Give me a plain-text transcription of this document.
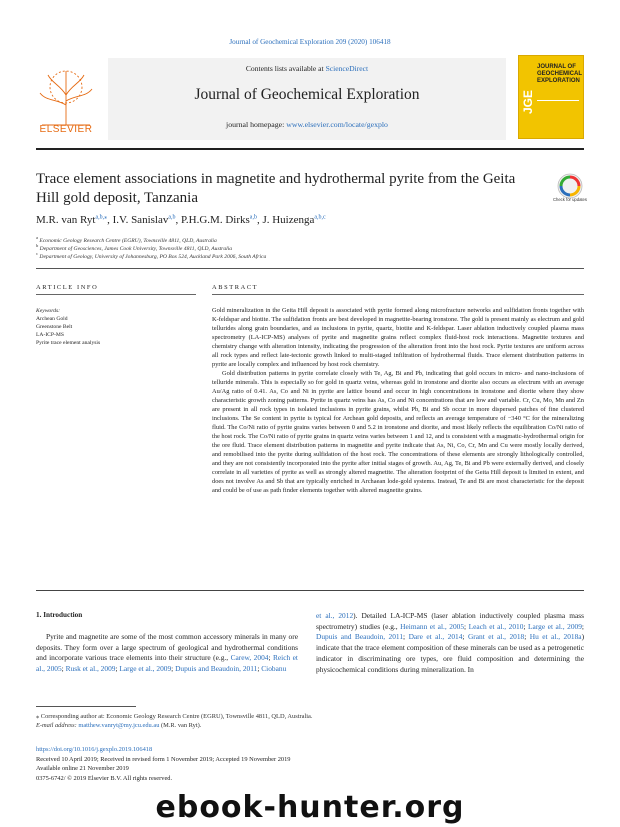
Journal of Geochemical Exploration 209 (2020) 106418
ELSEVIER
Contents lists available at ScienceDirect
Journal of Geochemical Exploration
journal homepage: www.elsevier.com/locate/gexplo
JOURNAL OF GEOCHEMICAL EXPLORATION
JGE
Trace element associations in magnetite and hydrothermal pyrite from the Geita Hill gold deposit, Tanzania	Check for updates
M.R. van Ryt$^{a,b,⁎}$, I.V. Sanislav$^{a,b}$, P.H.G.M. Dirks$^{a,b}$, J. Huizenga$^{a,b,c}$
$^a$ Economic Geology Research Centre (EGRU), Townsville 4811, QLD, Australia
$^b$ Department of Geosciences, James Cook University, Townsville 4811, QLD, Australia
$^c$ Department of Geology, University of Johannesburg, PO Box 524, Auckland Park 2006, South Africa
ARTICLE INFO	ABSTRACT
Keywords:
Archean Gold
Greenstone Belt
LA-ICP-MS
Pyrite trace element analysis

Gold mineralization in the Geita Hill deposit is associated with pyrite formed along microfracture networks and sulfidation fronts together with K-feldspar and biotite. The sulfidation fronts are best developed in magnetite-bearing ironstone. The gold is present mainly as electrum and gold tellurides along grain boundaries, and as inclusions in pyrite, quartz, biotite and K-feldspar. Laser ablation inductively coupled plasma mass spectrometry (LA-ICP-MS) analyses of pyrite and magnetite grains reflect complex fluid-host rock interactions. Magnetite textures and chemistry change with alteration intensity, indicating the progression of the alteration front into the host rock. Pyrite textures are uniform across all rock types and reflect late-tectonic growth linked to multi-staged infiltration of hydrothermal fluids. Trace element distribution patterns in pyrite are locally complex and influenced by host rock chemistry.

Gold distribution patterns in pyrite correlate closely with Te, Ag, Bi and Pb, indicating that gold occurs in micro- and nano-inclusions of telluride minerals. This is especially so for gold in quartz veins, whereas gold in ironstone and diorite also occurs as electrum with an average Au/Ag ratio of 0.41. As, Co and Ni in pyrite are lattice bound and occur in high concentrations in ironstone and diorite where they show characteristic growth zoning patterns. Pyrite in quartz veins has As, Co and Ni concentrations that are low and variable. Cr, Cu, Mo, Mn and Zn are present in all rock types in isolated inclusions in pyrite grains, whilst Pb, Bi and Sb occur in more dispersed patches of fine clustered inclusions. The Se content in pyrite is typical for Archean gold deposits, and reflects an average temperature of −340 °C for the mineralizing fluid. The Co/Ni ratio of pyrite grains varies between 0 and 5.2 in ironstone and diorite, and most likely reflects the equilibration Co/Ni ratio of the host rock. The Co/Ni ratio of pyrite grains in quartz veins varies between 1 and 12, and is consistent with a magmatic-hydrothermal origin for the ore fluid. Trace element distribution patterns in magnetite and pyrite indicate that As, Ni, Co, Cr, Mn and Cu were mostly locally derived, and remobilised into the pyrite during sulfidation of the host rock. The concentrations of these elements are strongly lithologically controlled, and they are not consistently incorporated into the pyrite after initial stages of growth. Au, Ag, Te, Bi and Pb were externally derived, and closely correlate in all varieties of pyrite as well as strongly altered magnetite. The alteration footprint of the Geita Hill deposit is limited in extent, and does not involve As and Sb that are typically enriched in Archaean lode-gold systems. Instead, Te and Bi are most characteristic for the deposit and could be of use as path finder elements together with altered magnetite grains.

1. Introduction
Pyrite and magnetite are some of the most common accessory minerals in many ore deposits. They form over a large spectrum of geological and hydrothermal conditions and incorporate various trace elements into their structure (e.g., Carew, 2004; Reich et al., 2005; Rusk et al., 2009; Large et al., 2009; Dupuis and Beaudoin, 2011; Ciobanu
et al., 2012). Detailed LA-ICP-MS (laser ablation inductively coupled plasma mass spectrometry) studies (e.g., Heimann et al., 2005; Leach et al., 2010; Large et al., 2009; Dupuis and Beaudoin, 2011; Dare et al., 2014; Grant et al., 2018; Hu et al., 2018a) indicate that the trace element composition of these minerals can be used as a petrogenetic indicator in discriminating ore types, ore fluid composition and determining the physicochemical conditions during mineralization. In
⁎ Corresponding author at: Economic Geology Research Centre (EGRU), Townsville 4811, QLD, Australia.
E-mail address: matthew.vanryt@my.jcu.edu.au (M.R. van Ryt).
https://doi.org/10.1016/j.gexplo.2019.106418
Received 10 April 2019; Received in revised form 1 November 2019; Accepted 19 November 2019
Available online 21 November 2019
0375-6742/ © 2019 Elsevier B.V. All rights reserved.
ebook-hunter.org
